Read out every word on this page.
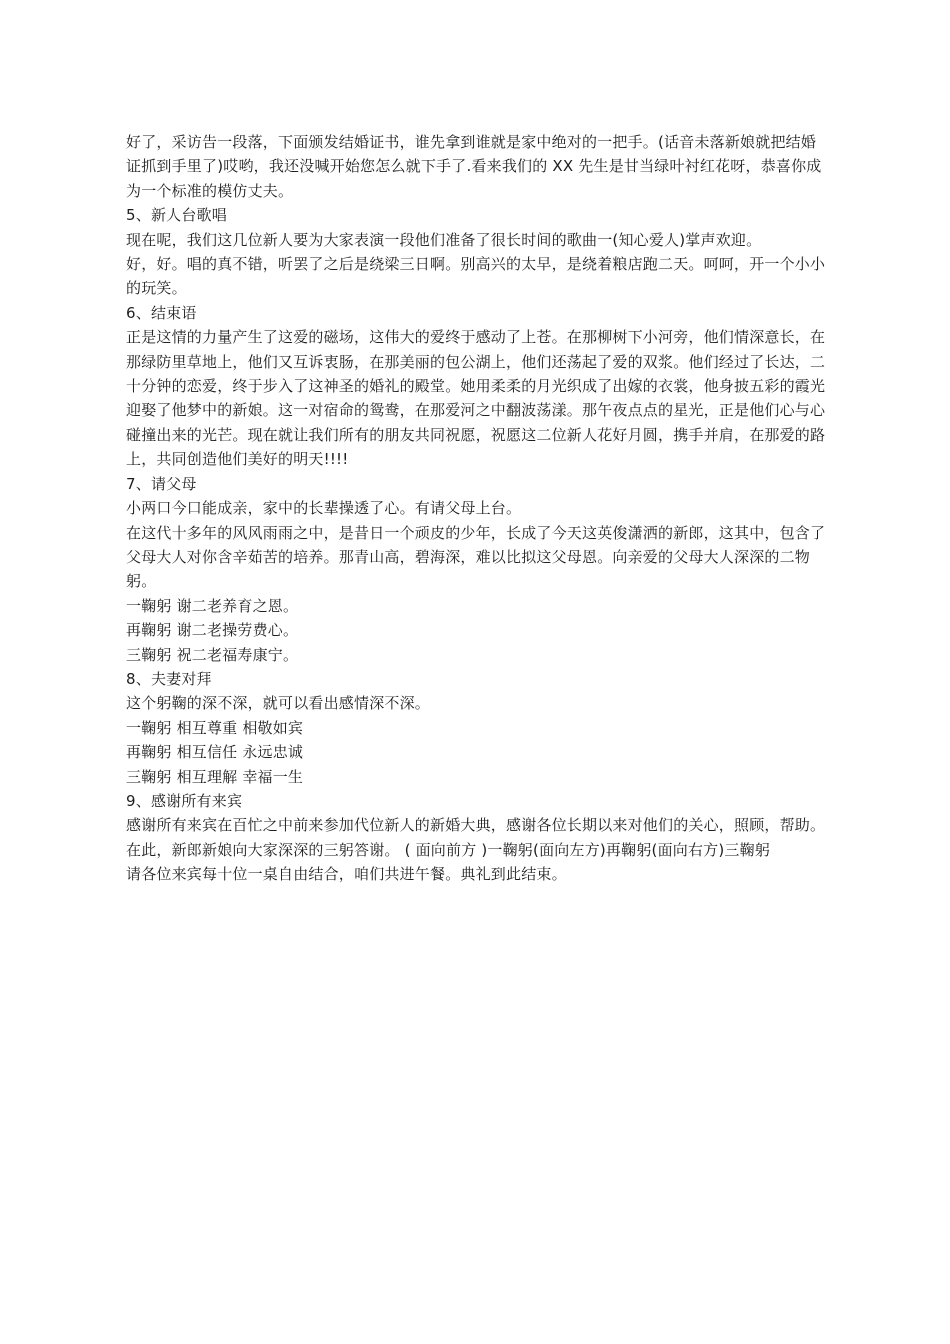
好了，采访告一段落，下面颁发结婚证书，谁先拿到谁就是家中绝对的一把手。(话音未落新娘就把结婚证抓到手里了)哎哟，我还没喊开始您怎么就下手了.看来我们的 XX 先生是甘当绿叶衬红花呀，恭喜你成为一个标准的模仿丈夫。

5、新人台歌唱

现在呢，我们这几位新人要为大家表演一段他们准备了很长时间的歌曲一(知心爱人)掌声欢迎。

好，好。唱的真不错，听罢了之后是绕梁三日啊。别高兴的太早，是绕着粮店跑二天。呵呵，开一个小小的玩笑。

6、结束语

正是这情的力量产生了这爱的磁场，这伟大的爱终于感动了上苍。在那柳树下小河旁，他们情深意长，在那绿防里草地上，他们又互诉衷肠，在那美丽的包公湖上，他们还荡起了爱的双浆。他们经过了长达，二十分钟的恋爱，终于步入了这神圣的婚礼的殿堂。她用柔柔的月光织成了出嫁的衣裳，他身披五彩的霞光迎娶了他梦中的新娘。这一对宿命的鸳鸯，在那爱河之中翻波荡漾。那午夜点点的星光，正是他们心与心碰撞出来的光芒。现在就让我们所有的朋友共同祝愿，祝愿这二位新人花好月圆，携手并肩，在那爱的路上，共同创造他们美好的明天!!!!

7、请父母

小两口今口能成亲，家中的长辈操透了心。有请父母上台。

在这代十多年的风风雨雨之中，是昔日一个顽皮的少年，长成了今天这英俊潇洒的新郎，这其中，包含了父母大人对你含辛茹苦的培养。那青山高，碧海深，难以比拟这父母恩。向亲爱的父母大人深深的二物躬。

一鞠躬 谢二老养育之恩。

再鞠躬 谢二老操劳费心。

三鞠躬 祝二老福寿康宁。

8、夫妻对拜

这个躬鞠的深不深，就可以看出感情深不深。

一鞠躬 相互尊重 相敬如宾

再鞠躬 相互信任 永远忠诚

三鞠躬 相互理解 幸福一生

9、感谢所有来宾

感谢所有来宾在百忙之中前来参加代位新人的新婚大典，感谢各位长期以来对他们的关心，照顾，帮助。在此，新郎新娘向大家深深的三躬答谢。 ( 面向前方 )一鞠躬(面向左方)再鞠躬(面向右方)三鞠躬

请各位来宾每十位一桌自由结合，咱们共进午餐。典礼到此结束。
